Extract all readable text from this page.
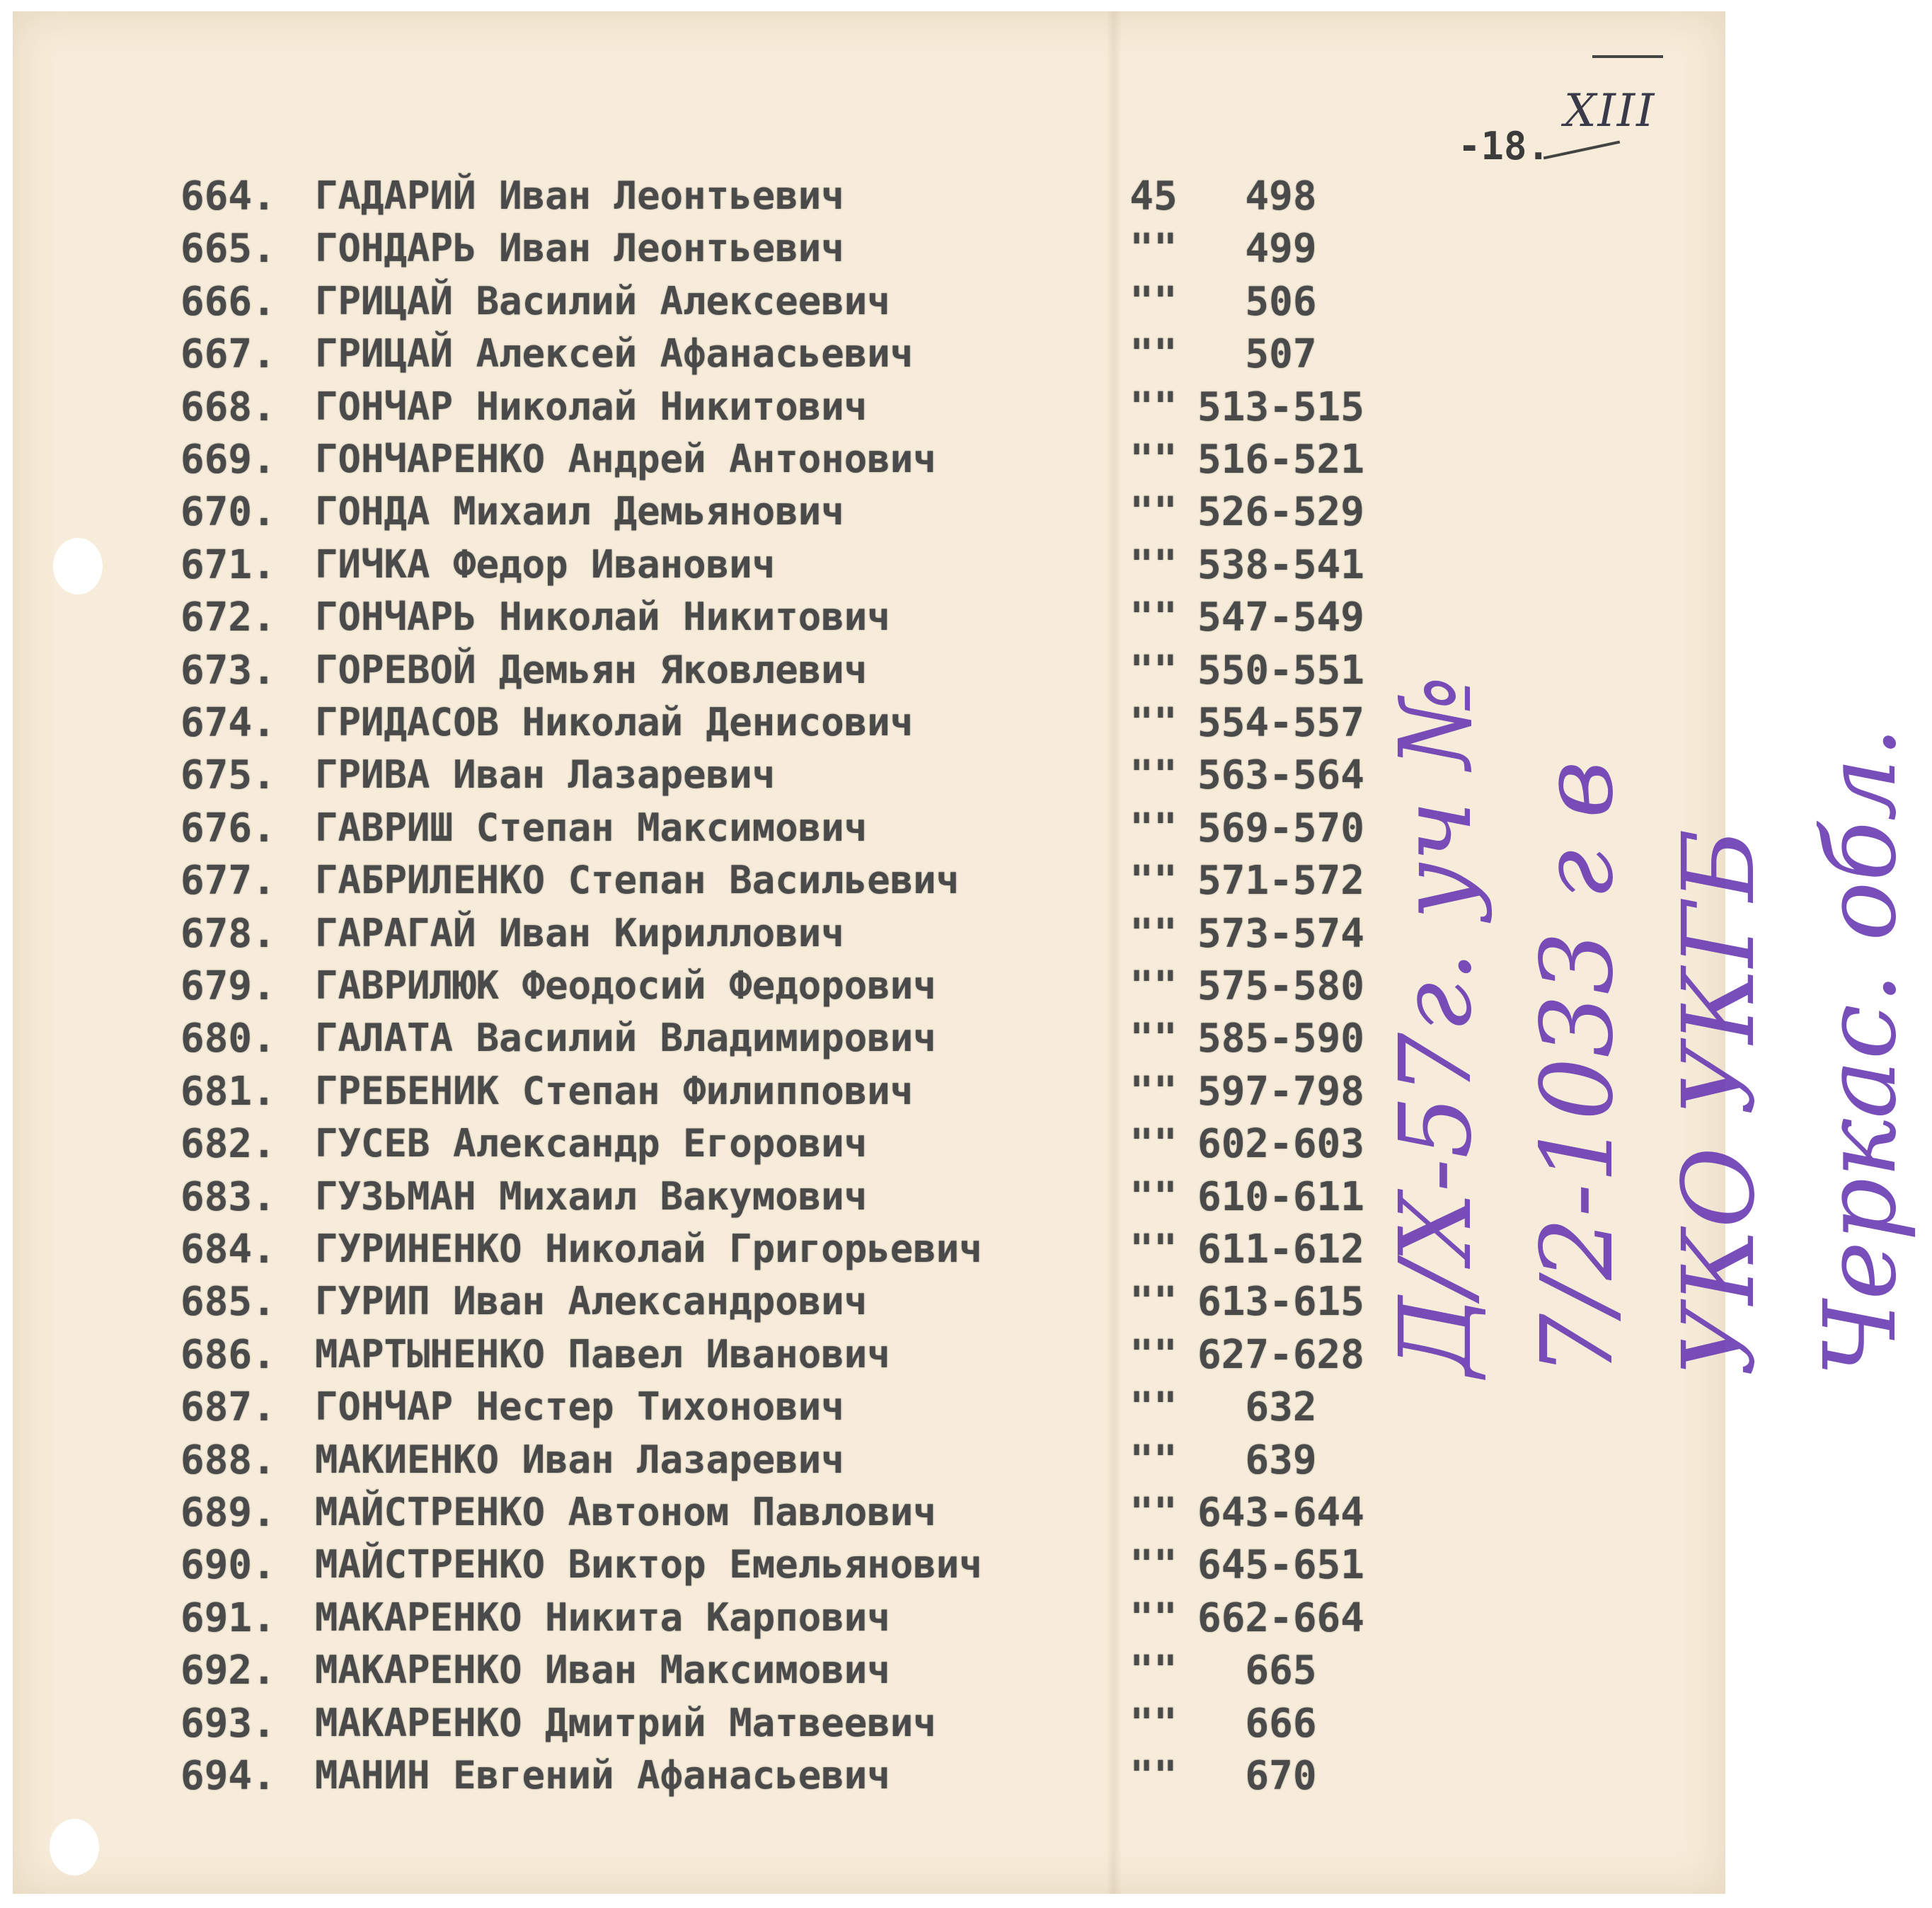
XIII
-18.
664. ГАДАРИЙ Иван Леонтьевич	45	498
665. ГОНДАРЬ Иван Леонтьевич	""	499
666. ГРИЦАЙ Василий Алексеевич	""	506
667. ГРИЦАЙ Алексей Афанасьевич	""	507
668. ГОНЧАР Николай Никитович	"" 513-515
669. ГОНЧАРЕНКО Андрей Антонович	"" 516-521
670. ГОНДА Михаил Демьянович	"" 526-529
671. ГИЧКА Федор Иванович	"" 538-541
672. ГОНЧАРЬ Николай Никитович	"" 547-549
673. ГОРЕВОЙ Демьян Яковлевич	"" 550-551
674. ГРИДАСОВ Николай Денисович	"" 554-557
675. ГРИВА Иван Лазаревич	"" 563-564
676. ГАВРИШ Степан Максимович	"" 569-570
677. ГАБРИЛЕНКО Степан Васильевич	"" 571-572
678. ГАРАГАЙ Иван Кириллович	"" 573-574
679. ГАВРИЛЮК Феодосий Федорович	"" 575-580
680. ГАЛАТА Василий Владимирович	"" 585-590
681. ГРЕБЕНИК Степан Филиппович	"" 597-798
682. ГУСЕВ Александр Егорович	"" 602-603
683. ГУЗЬМАН Михаил Вакумович	"" 610-611
684. ГУРИНЕНКО Николай Григорьевич	"" 611-612
685. ГУРИП Иван Александрович	"" 613-615
686. МАРТЫНЕНКО Павел Иванович	"" 627-628
687. ГОНЧАР Нестер Тихонович	""	632
688. МАКИЕНКО Иван Лазаревич	""	639
689. МАЙСТРЕНКО Автоном Павлович	"" 643-644
690. МАЙСТРЕНКО Виктор Емельянович	"" 645-651
691. МАКАРЕНКО Никита Карпович	"" 662-664
692. МАКАРЕНКО Иван Максимович	""	665
693. МАКАРЕНКО Дмитрий Матвеевич	""	666
694. МАНИН Евгений Афанасьевич	""	670
Д/Х-57г. уч № 7/2-1033 г в УКО УКГБ Черкас. обл.
